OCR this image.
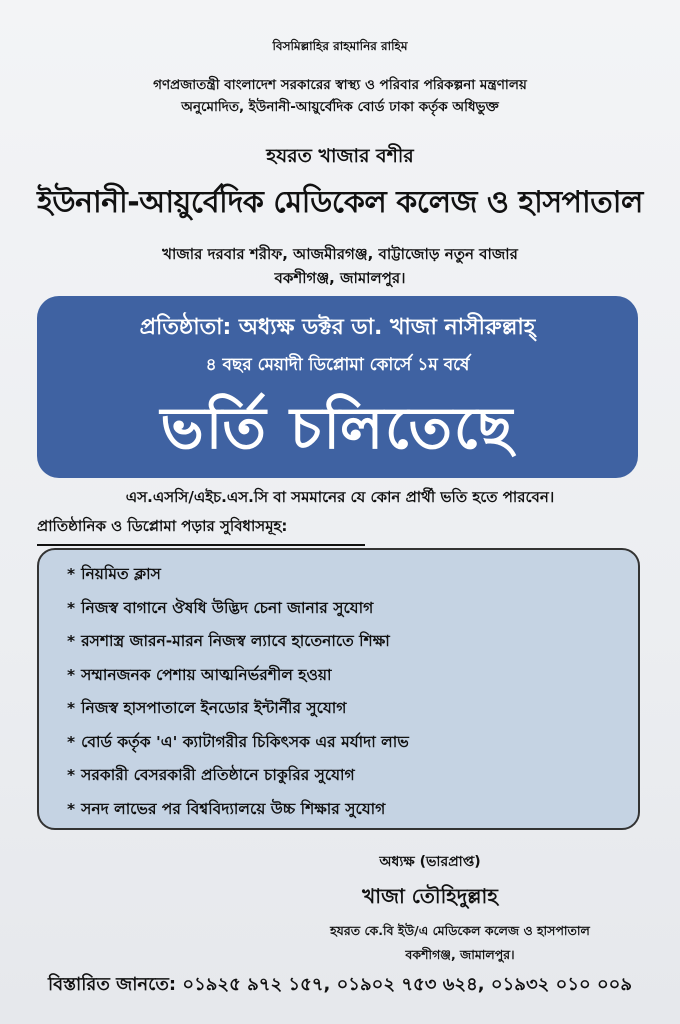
বিসমিল্লাহির রাহমানির রাহিম
গণপ্রজাতন্ত্রী বাংলাদেশ সরকারের স্বাস্থ্য ও পরিবার পরিকল্পনা মন্ত্রণালয়
অনুমোদিত, ইউনানী-আয়ুর্বেদিক বোর্ড ঢাকা কর্তৃক অধিভুক্ত
হযরত খাজার বশীর
ইউনানী-আয়ুর্বেদিক মেডিকেল কলেজ ও হাসপাতাল
খাজার দরবার শরীফ, আজমীরগঞ্জ, বাট্টাজোড় নতুন বাজার
বকশীগঞ্জ, জামালপুর।
প্রতিষ্ঠাতা: অধ্যক্ষ ডক্টর ডা. খাজা নাসীরুল্লাহ্
৪ বছর মেয়াদী ডিপ্লোমা কোর্সে ১ম বর্ষে
ভর্তি চলিতেছে
এস.এসসি/এইচ.এস.সি বা সমমানের যে কোন প্রার্থী ভতি হতে পারবেন।
প্রাতিষ্ঠানিক ও ডিপ্লোমা পড়ার সুবিধাসমূহ:
* নিয়মিত ক্লাস
* নিজস্ব বাগানে ঔষধি উদ্ভিদ চেনা জানার সুযোগ
* রসশাস্ত্র জারন-মারন নিজস্ব ল্যাবে হাতেনাতে শিক্ষা
* সম্মানজনক পেশায় আত্মনির্ভরশীল হওয়া
* নিজস্ব হাসপাতালে ইনডোর ইন্টার্নীর সুযোগ
* বোর্ড কর্তৃক 'এ' ক্যাটাগরীর চিকিৎসক এর মর্যাদা লাভ
* সরকারী বেসরকারী প্রতিষ্ঠানে চাকুরির সুযোগ
* সনদ লাভের পর বিশ্ববিদ্যালয়ে উচ্চ শিক্ষার সুযোগ
অধ্যক্ষ (ভারপ্রাপ্ত)
খাজা তৌহিদুল্লাহ
হযরত কে.বি ইউ/এ মেডিকেল কলেজ ও হাসপাতাল
বকশীগঞ্জ, জামালপুর।
বিস্তারিত জানতে: ০১৯২৫ ৯৭২ ১৫৭, ০১৯০২ ৭৫৩ ৬২৪, ০১৯৩২ ০১০ ০০৯
